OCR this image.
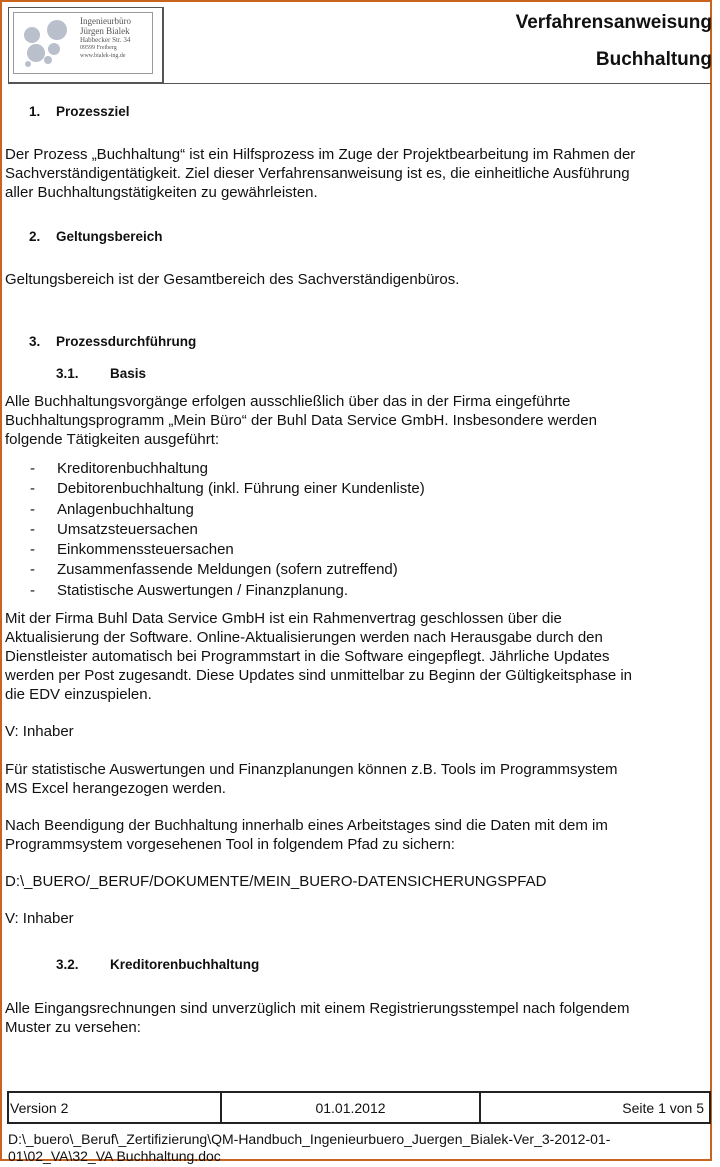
Ingenieurbüro
Jürgen Bialek
Habbecker Str. 34
09599 Freiberg
www.bialek-ing.de
Verfahrensanweisung
Buchhaltung
1. Prozessziel
Der Prozess „Buchhaltung“ ist ein Hilfsprozess im Zuge der Projektbearbeitung im Rahmen der
Sachverständigentätigkeit. Ziel dieser Verfahrensanweisung ist es, die einheitliche Ausführung
aller Buchhaltungstätigkeiten zu gewährleisten.
2. Geltungsbereich
Geltungsbereich ist der Gesamtbereich des Sachverständigenbüros.
3. Prozessdurchführung
3.1. Basis
Alle Buchhaltungsvorgänge erfolgen ausschließlich über das in der Firma eingeführte
Buchhaltungsprogramm „Mein Büro“ der Buhl Data Service GmbH. Insbesondere werden
folgende Tätigkeiten ausgeführt:
- Kreditorenbuchhaltung
- Debitorenbuchhaltung (inkl. Führung einer Kundenliste)
- Anlagenbuchhaltung
- Umsatzsteuersachen
- Einkommenssteuersachen
- Zusammenfassende Meldungen (sofern zutreffend)
- Statistische Auswertungen / Finanzplanung.
Mit der Firma Buhl Data Service GmbH ist ein Rahmenvertrag geschlossen über die
Aktualisierung der Software. Online-Aktualisierungen werden nach Herausgabe durch den
Dienstleister automatisch bei Programmstart in die Software eingepflegt. Jährliche Updates
werden per Post zugesandt. Diese Updates sind unmittelbar zu Beginn der Gültigkeitsphase in
die EDV einzuspielen.
V: Inhaber
Für statistische Auswertungen und Finanzplanungen können z.B. Tools im Programmsystem
MS Excel herangezogen werden.
Nach Beendigung der Buchhaltung innerhalb eines Arbeitstages sind die Daten mit dem im
Programmsystem vorgesehenen Tool in folgendem Pfad zu sichern:
D:\_BUERO/_BERUF/DOKUMENTE/MEIN_BUERO-DATENSICHERUNGSPFAD
V: Inhaber
3.2. Kreditorenbuchhaltung
Alle Eingangsrechnungen sind unverzüglich mit einem Registrierungsstempel nach folgendem
Muster zu versehen:
Version 2	01.01.2012	Seite 1 von 5
D:\_buero\_Beruf\_Zertifizierung\QM-Handbuch_Ingenieurbuero_Juergen_Bialek-Ver_3-2012-01-
01\02_VA\32_VA Buchhaltung.doc
